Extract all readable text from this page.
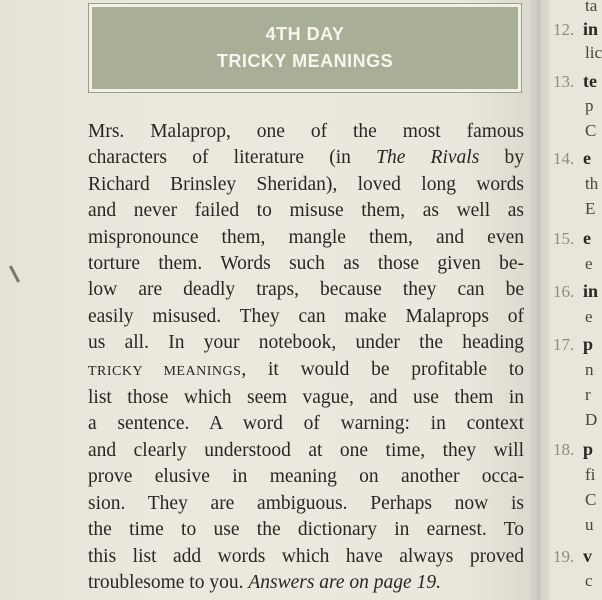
4TH DAY
TRICKY MEANINGS

Mrs. Malaprop, one of the most famous
characters of literature (in The Rivals by
Richard Brinsley Sheridan), loved long words
and never failed to misuse them, as well as
mispronounce them, mangle them, and even
torture them. Words such as those given be-
low are deadly traps, because they can be
easily misused. They can make Malaprops of
us all. In your notebook, under the heading
TRICKY MEANINGS, it would be profitable to
list those which seem vague, and use them in
a sentence. A word of warning: in context
and clearly understood at one time, they will
prove elusive in meaning on another occa-
sion. They are ambiguous. Perhaps now is
the time to use the dictionary in earnest. To
this list add words which have always proved
troublesome to you. Answers are on page 19.

ta
12. in
lic
13. te
p
C
14. e
th
E
15. e
e
16. in
e
17. p
n
r
D
18. p
fi
C
u
19. v
c
